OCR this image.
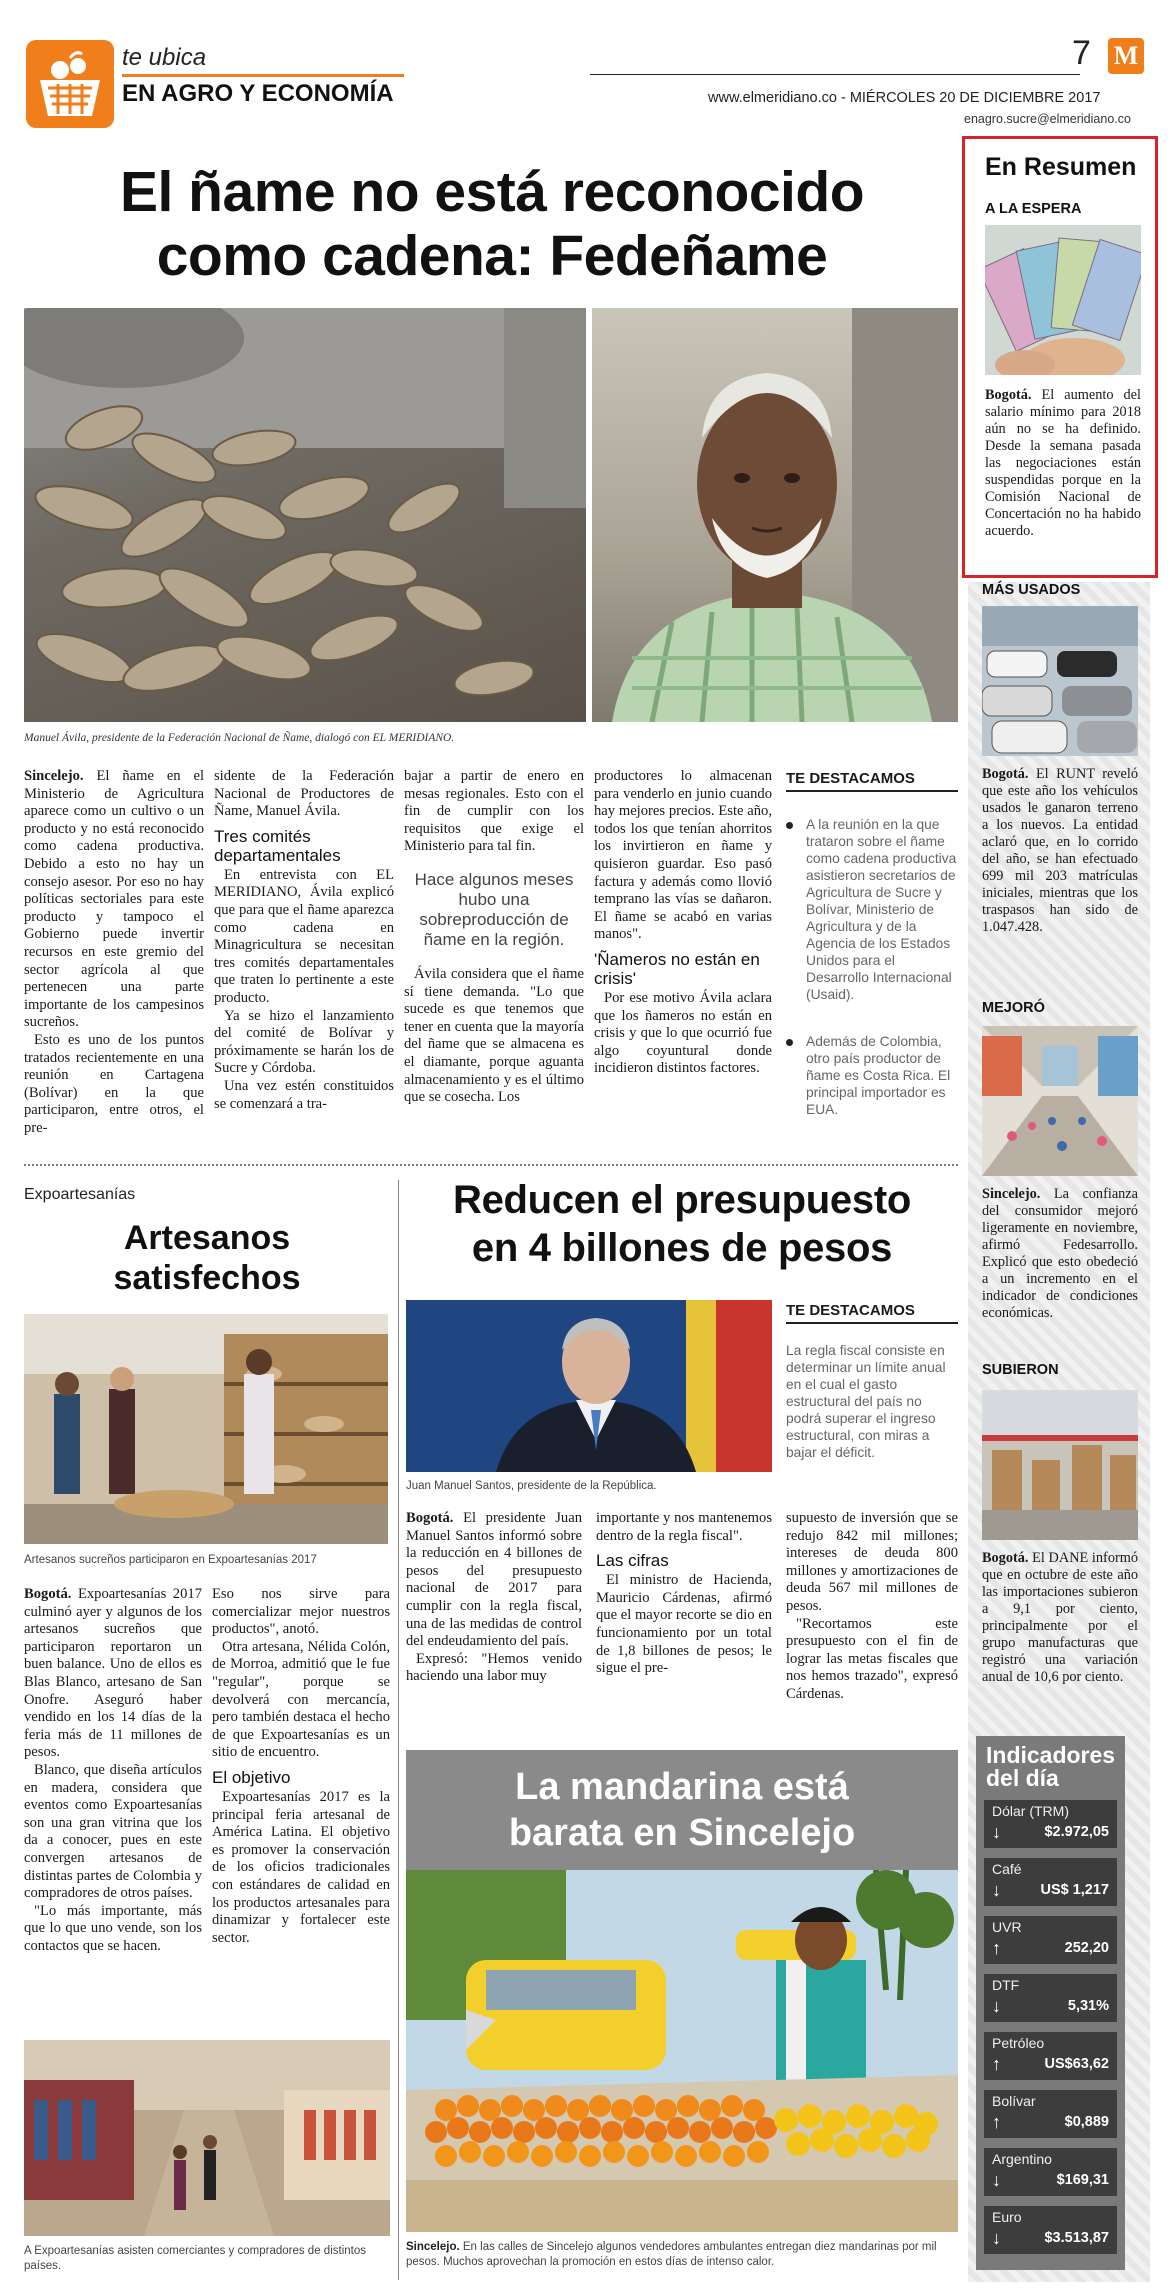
te ubica
EN AGRO Y ECONOMÍA
7 M
www.elmeridiano.co - MIÉRCOLES 20 DE DICIEMBRE 2017
enagro.sucre@elmeridiano.co
El ñame no está reconocido
como cadena: Fedeñame
Manuel Ávila, presidente de la Federación Nacional de Ñame, dialogó con EL MERIDIANO.

Sincelejo. El ñame en el Ministerio de Agricultura aparece como un cultivo o un producto y no está reconocido como cadena productiva. Debido a esto no hay un consejo asesor. Por eso no hay políticas sectoriales para este producto y tampoco el Gobierno puede invertir recursos en este gremio del sector agrícola al que pertenecen una parte importante de los campesinos sucreños.

Esto es uno de los puntos tratados recientemente en una reunión en Cartagena (Bolívar) en la que participaron, entre otros, el pre-

sidente de la Federación Nacional de Productores de Ñame, Manuel Ávila.

Tres comités departamentales

En entrevista con EL MERIDIANO, Ávila explicó que para que el ñame aparezca como cadena en Minagricultura se necesitan tres comités departamentales que traten lo pertinente a este producto.

Ya se hizo el lanzamiento del comité de Bolívar y próximamente se harán los de Sucre y Córdoba.

Una vez estén constituidos se comenzará a tra-

bajar a partir de enero en mesas regionales. Esto con el fin de cumplir con los requisitos que exige el Ministerio para tal fin.

Hace algunos meses hubo una sobreproducción de ñame en la región.

Ávila considera que el ñame sí tiene demanda. "Lo que sucede es que tenemos que tener en cuenta que la mayoría del ñame que se almacena es el diamante, porque aguanta almacenamiento y es el último que se cosecha. Los

productores lo almacenan para venderlo en junio cuando hay mejores precios. Este año, todos los que tenían ahorritos los invirtieron en ñame y quisieron guardar. Eso pasó factura y además como llovió temprano las vías se dañaron. El ñame se acabó en varias manos".

'Ñameros no están en crisis'

Por ese motivo Ávila aclara que los ñameros no están en crisis y que lo que ocurrió fue algo coyuntural donde incidieron distintos factores.

TE DESTACAMOS
A la reunión en la que trataron sobre el ñame como cadena productiva asistieron secretarios de Agricultura de Sucre y Bolívar, Ministerio de Agricultura y de la Agencia de los Estados Unidos para el Desarrollo Internacional (Usaid).
Además de Colombia, otro país productor de ñame es Costa Rica. El principal importador es EUA.
En Resumen
A LA ESPERA
Bogotá. El aumento del salario mínimo para 2018 aún no se ha definido. Desde la semana pasada las negociaciones están suspendidas porque en la Comisión Nacional de Concertación no ha habido acuerdo.
MÁS USADOS
Bogotá. El RUNT reveló que este año los vehículos usados le ganaron terreno a los nuevos. La entidad aclaró que, en lo corrido del año, se han efectuado 699 mil 203 matrículas iniciales, mientras que los traspasos han sido de 1.047.428.
MEJORÓ
Sincelejo. La confianza del consumidor mejoró ligeramente en noviembre, afirmó Fedesarrollo. Explicó que esto obedeció a un incremento en el indicador de condiciones económicas.
SUBIERON
Bogotá. El DANE informó que en octubre de este año las importaciones subieron a 9,1 por ciento, principalmente por el grupo manufacturas que registró una variación anual de 10,6 por ciento.
Indicadores
del día
Dólar (TRM)
↓	$2.972,05
Café
↓	US$ 1,217
UVR
↑	252,20
DTF
↓	5,31%
Petróleo
↑	US$63,62
Bolívar
↑	$0,889
Argentino
↓	$169,31
Euro
↓	$3.513,87
Expoartesanías
Artesanos
satisfechos
Artesanos sucreños participaron en Expoartesanías 2017

Bogotá. Expoartesanías 2017 culminó ayer y algunos de los artesanos sucreños que participaron reportaron un buen balance. Uno de ellos es Blas Blanco, artesano de San Onofre. Aseguró haber vendido en los 14 días de la feria más de 11 millones de pesos.

Blanco, que diseña artículos en madera, considera que eventos como Expoartesanías son una gran vitrina que los da a conocer, pues en este convergen artesanos de distintas partes de Colombia y compradores de otros países.

"Lo más importante, más que lo que uno vende, son los contactos que se hacen.

Eso nos sirve para comercializar mejor nuestros productos", anotó.

Otra artesana, Nélida Colón, de Morroa, admitió que le fue "regular", porque se devolverá con mercancía, pero también destaca el hecho de que Expoartesanías es un sitio de encuentro.

El objetivo

Expoartesanías 2017 es la principal feria artesanal de América Latina. El objetivo es promover la conservación de los oficios tradicionales con estándares de calidad en los productos artesanales para dinamizar y fortalecer este sector.

A Expoartesanías asisten comerciantes y compradores de distintos países.
Reducen el presupuesto
en 4 billones de pesos
Juan Manuel Santos, presidente de la República.
TE DESTACAMOS
La regla fiscal consiste en determinar un límite anual en el cual el gasto estructural del país no podrá superar el ingreso estructural, con miras a bajar el déficit.

Bogotá. El presidente Juan Manuel Santos informó sobre la reducción en 4 billones de pesos del presupuesto nacional de 2017 para cumplir con la regla fiscal, una de las medidas de control del endeudamiento del país.

Expresó: "Hemos venido haciendo una labor muy

importante y nos mantenemos dentro de la regla fiscal".

Las cifras

El ministro de Hacienda, Mauricio Cárdenas, afirmó que el mayor recorte se dio en funcionamiento por un total de 1,8 billones de pesos; le sigue el pre-

supuesto de inversión que se redujo 842 mil millones; intereses de deuda 800 millones y amortizaciones de deuda 567 mil millones de pesos.

"Recortamos este presupuesto con el fin de lograr las metas fiscales que nos hemos trazado", expresó Cárdenas.

La mandarina está
barata en Sincelejo
Sincelejo. En las calles de Sincelejo algunos vendedores ambulantes entregan diez mandarinas por mil pesos. Muchos aprovechan la promoción en estos días de intenso calor.
